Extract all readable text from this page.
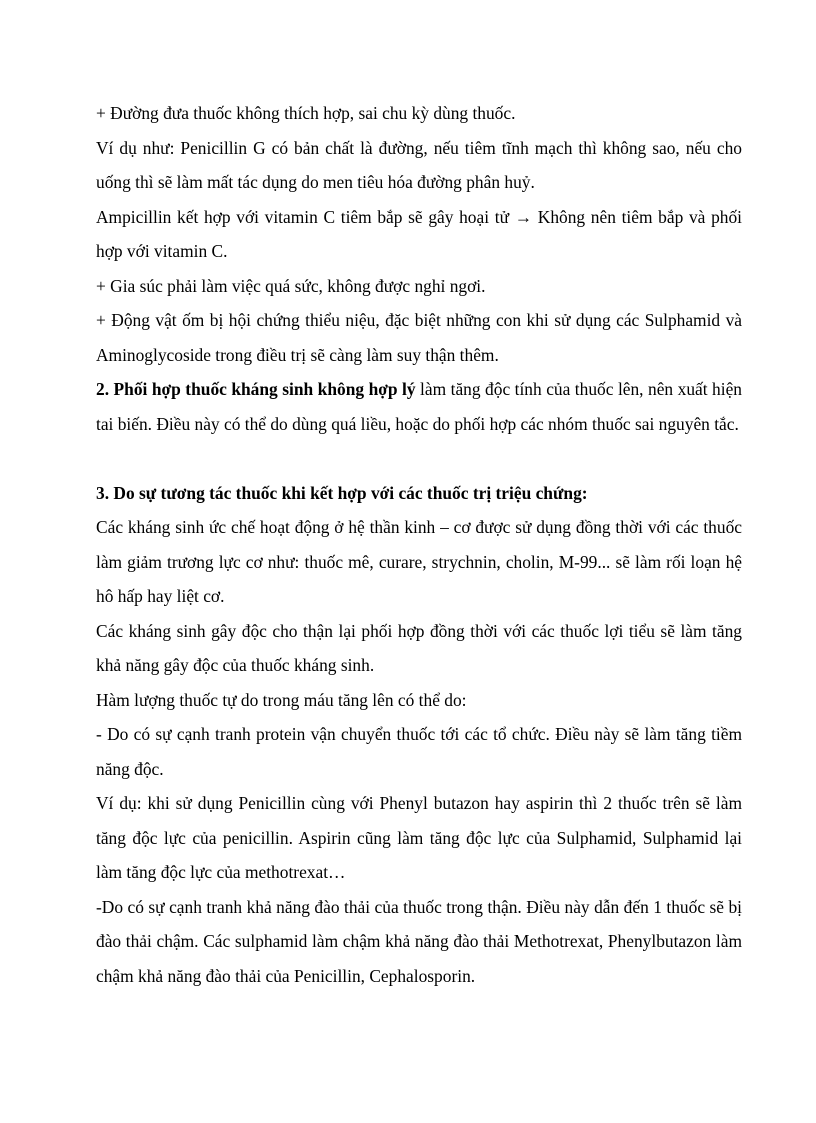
+ Đường đưa thuốc không thích hợp, sai chu kỳ dùng thuốc.

Ví dụ như: Penicillin G có bản chất là đường, nếu tiêm tĩnh mạch thì không sao, nếu cho uống thì sẽ làm mất tác dụng do men tiêu hóa đường phân huỷ.

Ampicillin kết hợp với vitamin C tiêm bắp sẽ gây hoại tử → Không nên tiêm bắp và phối hợp với vitamin C.

+ Gia súc phải làm việc quá sức, không được nghỉ ngơi.

+ Động vật ốm bị hội chứng thiểu niệu, đặc biệt những con khi sử dụng các Sulphamid và Aminoglycoside trong điều trị sẽ càng làm suy thận thêm.

2. Phối hợp thuốc kháng sinh không hợp lý làm tăng độc tính của thuốc lên, nên xuất hiện tai biến. Điều này có thể do dùng quá liều, hoặc do phối hợp các nhóm thuốc sai nguyên tắc.

3. Do sự tương tác thuốc khi kết hợp với các thuốc trị triệu chứng:

Các kháng sinh ức chế hoạt động ở hệ thần kinh – cơ được sử dụng đồng thời với các thuốc làm giảm trương lực cơ như: thuốc mê, curare, strychnin, cholin, M-99... sẽ làm rối loạn hệ hô hấp hay liệt cơ.

Các kháng sinh gây độc cho thận lại phối hợp đồng thời với các thuốc lợi tiểu sẽ làm tăng khả năng gây độc của thuốc kháng sinh.

Hàm lượng thuốc tự do trong máu tăng lên có thể do:

- Do có sự cạnh tranh protein vận chuyển thuốc tới các tổ chức. Điều này sẽ làm tăng tiềm năng độc.

Ví dụ: khi sử dụng Penicillin cùng với Phenyl butazon hay aspirin thì 2 thuốc trên sẽ làm tăng độc lực của penicillin. Aspirin cũng làm tăng độc lực của Sulphamid, Sulphamid lại làm tăng độc lực của methotrexat…

-Do có sự cạnh tranh khả năng đào thải của thuốc trong thận. Điều này dẫn đến 1 thuốc sẽ bị đào thải chậm. Các sulphamid làm chậm khả năng đào thải Methotrexat, Phenylbutazon làm chậm khả năng đào thải của Penicillin, Cephalosporin.
